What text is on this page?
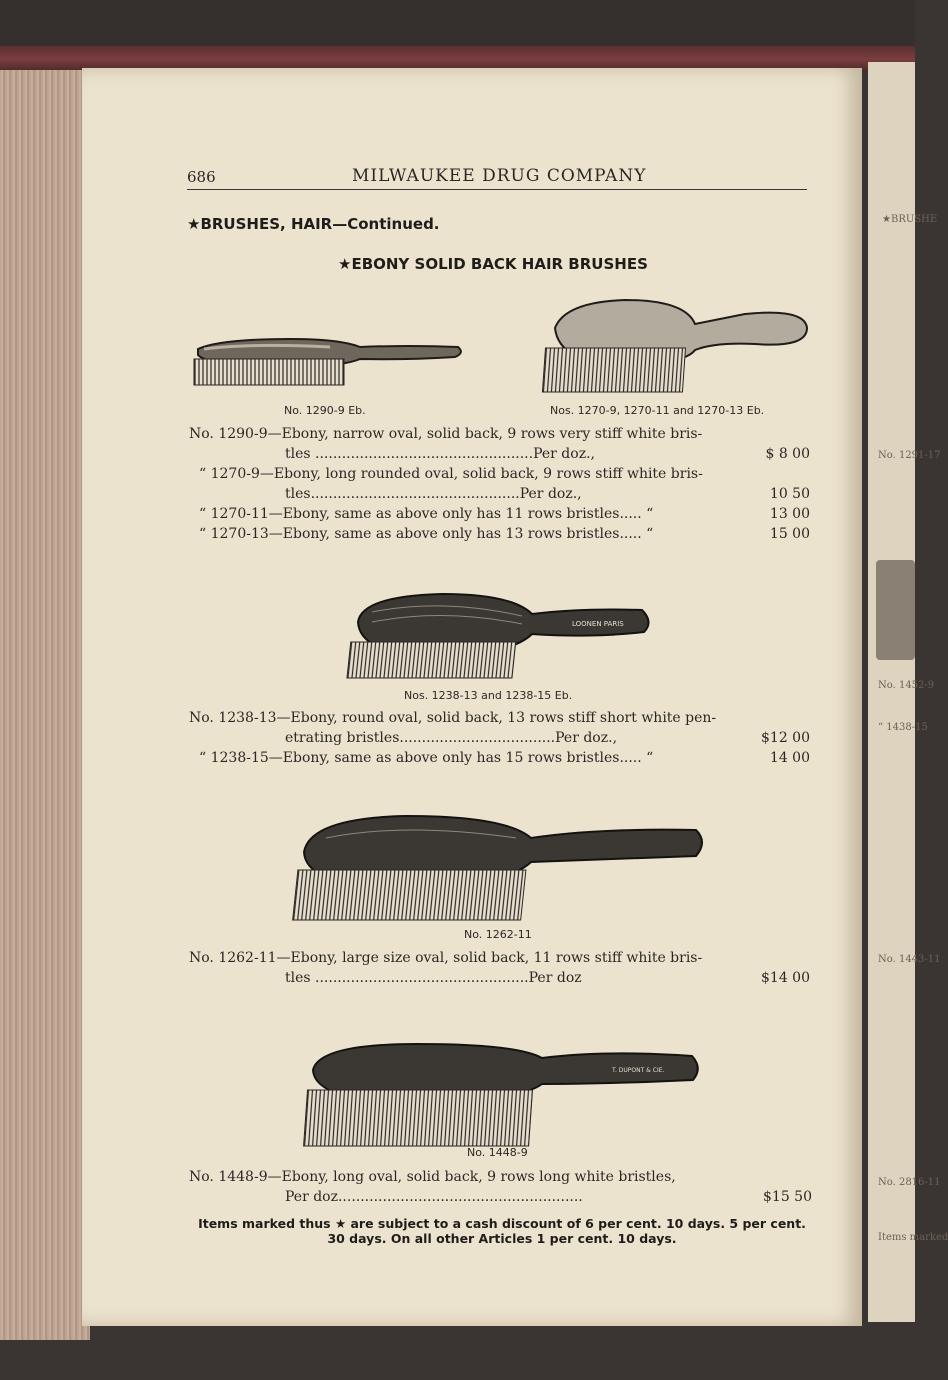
★BRUSHE
No. 1291-17
No. 1452-9
“ 1438-15
No. 1443-11
No. 2816-11
Items marked
686	MILWAUKEE DRUG COMPANY
★BRUSHES, HAIR—Continued.
★EBONY SOLID BACK HAIR BRUSHES
No. 1290-9 Eb.	Nos. 1270-9, 1270-11 and 1270-13 Eb.
No. 1290-9—Ebony, narrow oval, solid back, 9 rows very stiff white bris-
tles .................................................Per doz.,	$ 8 00
“ 1270-9—Ebony, long rounded oval, solid back, 9 rows stiff white bris-
tles...............................................Per doz.,	10 50
“ 1270-11—Ebony, same as above only has 11 rows bristles..... “	13 00
“ 1270-13—Ebony, same as above only has 13 rows bristles..... “	15 00
LOONEN PARIS
Nos. 1238-13 and 1238-15 Eb.
No. 1238-13—Ebony, round oval, solid back, 13 rows stiff short white pen-
etrating bristles...................................Per doz.,	$12 00
“ 1238-15—Ebony, same as above only has 15 rows bristles..... “	14 00
No. 1262-11
No. 1262-11—Ebony, large size oval, solid back, 11 rows stiff white bris-
tles ................................................Per doz	$14 00
T. DUPONT & CIE.
No. 1448-9
No. 1448-9—Ebony, long oval, solid back, 9 rows long white bristles,
Per doz.......................................................	$15 50
Items marked thus ★ are subject to a cash discount of 6 per cent. 10 days. 5 per cent.
30 days. On all other Articles 1 per cent. 10 days.
